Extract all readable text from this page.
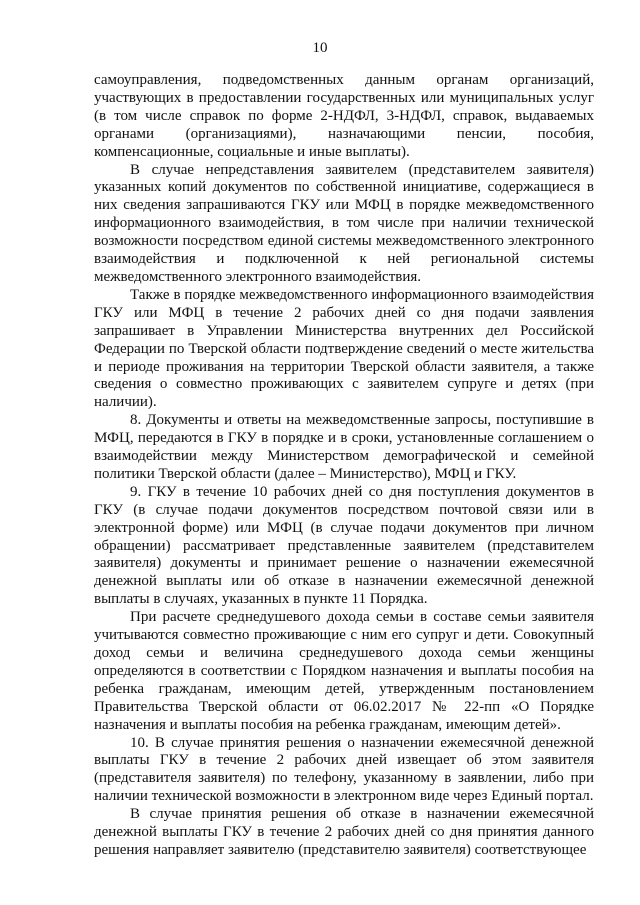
10

самоуправления, подведомственных данным органам организаций, участвующих в предоставлении государственных или муниципальных услуг (в том числе справок по форме 2-НДФЛ, 3-НДФЛ, справок, выдаваемых органами (организациями), назначающими пенсии, пособия, компенсационные, социальные и иные выплаты).

В случае непредставления заявителем (представителем заявителя) указанных копий документов по собственной инициативе, содержащиеся в них сведения запрашиваются ГКУ или МФЦ в порядке межведомственного информационного взаимодействия, в том числе при наличии технической возможности посредством единой системы межведомственного электронного взаимодействия и подключенной к ней региональной системы межведомственного электронного взаимодействия.

Также в порядке межведомственного информационного взаимодействия ГКУ или МФЦ в течение 2 рабочих дней со дня подачи заявления запрашивает в Управлении Министерства внутренних дел Российской Федерации по Тверской области подтверждение сведений о месте жительства и периоде проживания на территории Тверской области заявителя, а также сведения о совместно проживающих с заявителем супруге и детях (при наличии).

8. Документы и ответы на межведомственные запросы, поступившие в МФЦ, передаются в ГКУ в порядке и в сроки, установленные соглашением о взаимодействии между Министерством демографической и семейной политики Тверской области (далее – Министерство), МФЦ и ГКУ.

9. ГКУ в течение 10 рабочих дней со дня поступления документов в ГКУ (в случае подачи документов посредством почтовой связи или в электронной форме) или МФЦ (в случае подачи документов при личном обращении) рассматривает представленные заявителем (представителем заявителя) документы и принимает решение о назначении ежемесячной денежной выплаты или об отказе в назначении ежемесячной денежной выплаты в случаях, указанных в пункте 11 Порядка.

При расчете среднедушевого дохода семьи в составе семьи заявителя учитываются совместно проживающие с ним его супруг и дети. Совокупный доход семьи и величина среднедушевого дохода семьи женщины определяются в соответствии с Порядком назначения и выплаты пособия на ребенка гражданам, имеющим детей, утвержденным постановлением Правительства Тверской области от 06.02.2017 № 22-пп «О Порядке назначения и выплаты пособия на ребенка гражданам, имеющим детей».

10. В случае принятия решения о назначении ежемесячной денежной выплаты ГКУ в течение 2 рабочих дней извещает об этом заявителя (представителя заявителя) по телефону, указанному в заявлении, либо при наличии технической возможности в электронном виде через Единый портал.

В случае принятия решения об отказе в назначении ежемесячной денежной выплаты ГКУ в течение 2 рабочих дней со дня принятия данного решения направляет заявителю (представителю заявителя) соответствующее
